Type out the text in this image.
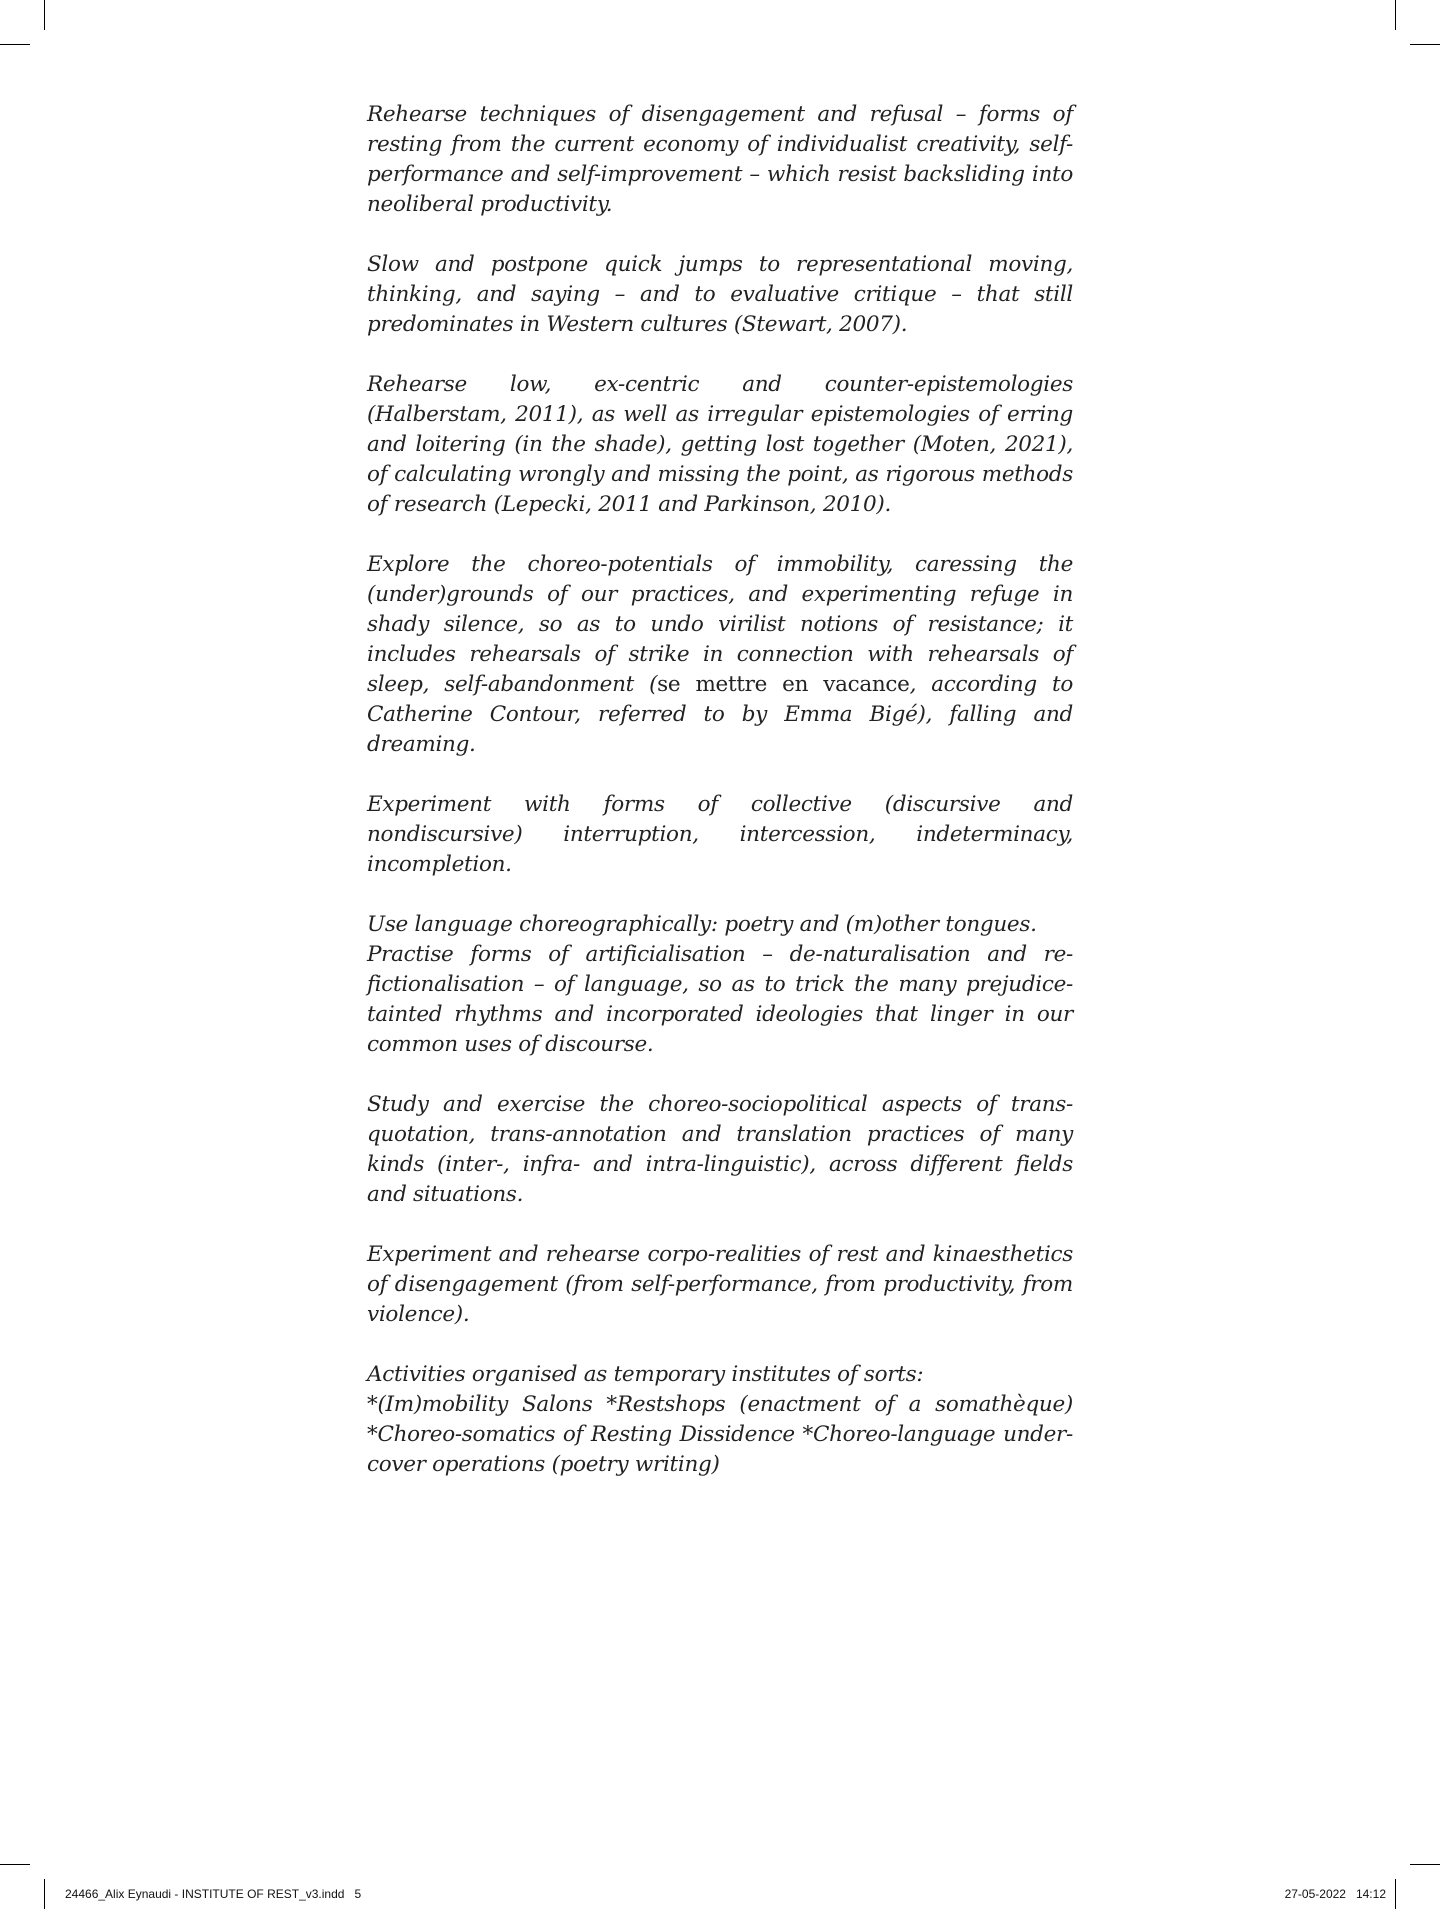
Rehearse techniques of disengagement and refusal – forms of resting from the current economy of individualist creativity, self-performance and self-improvement – which resist backsliding into neoliberal productivity.

Slow and postpone quick jumps to representational moving, thinking, and saying – and to evaluative critique – that still predominates in Western cultures (Stewart, 2007).

Rehearse low, ex-centric and counter-epistemologies (Halberstam, 2011), as well as irregular epistemologies of erring and loitering (in the shade), getting lost together (Moten, 2021), of calculating wrongly and missing the point, as rigorous methods of research (Lepecki, 2011 and Parkinson, 2010).

Explore the choreo-potentials of immobility, caressing the (under)grounds of our practices, and experimenting refuge in shady silence, so as to undo virilist notions of resistance; it includes rehearsals of strike in connection with rehearsals of sleep, self-abandonment (se mettre en vacance, according to Catherine Contour, referred to by Emma Bigé), falling and dreaming.

Experiment with forms of collective (discursive and nondiscursive) interruption, intercession, indeterminacy, incompletion.

Use language choreographically: poetry and (m)other tongues.
Practise forms of artificialisation – de-naturalisation and re-fictionalisation – of language, so as to trick the many prejudice-tainted rhythms and incorporated ideologies that linger in our common uses of discourse.

Study and exercise the choreo-sociopolitical aspects of trans-quotation, trans-annotation and translation practices of many kinds (inter-, infra- and intra-linguistic), across different fields and situations.

Experiment and rehearse corpo-realities of rest and kinaesthetics of disengagement (from self-performance, from productivity, from violence).

Activities organised as temporary institutes of sorts:
*(Im)mobility Salons *Restshops (enactment of a somathèque) *Choreo-somatics of Resting Dissidence *Choreo-language under-cover operations (poetry writing)

24466_Alix Eynaudi - INSTITUTE OF REST_v3.indd   5	27-05-2022   14:12
